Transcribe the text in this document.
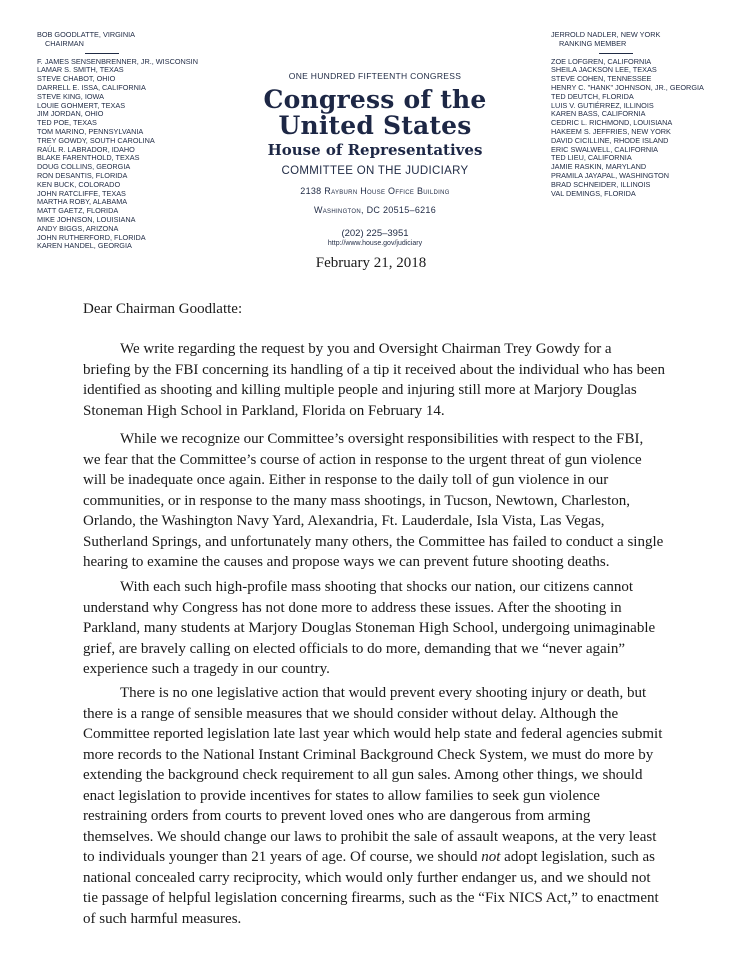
BOB GOODLATTE, VIRGINIA
CHAIRMAN
F. JAMES SENSENBRENNER, JR., WISCONSIN
LAMAR S. SMITH, TEXAS
STEVE CHABOT, OHIO
DARRELL E. ISSA, CALIFORNIA
STEVE KING, IOWA
LOUIE GOHMERT, TEXAS
JIM JORDAN, OHIO
TED POE, TEXAS
TOM MARINO, PENNSYLVANIA
TREY GOWDY, SOUTH CAROLINA
RAÚL R. LABRADOR, IDAHO
BLAKE FARENTHOLD, TEXAS
DOUG COLLINS, GEORGIA
RON DESANTIS, FLORIDA
KEN BUCK, COLORADO
JOHN RATCLIFFE, TEXAS
MARTHA ROBY, ALABAMA
MATT GAETZ, FLORIDA
MIKE JOHNSON, LOUISIANA
ANDY BIGGS, ARIZONA
JOHN RUTHERFORD, FLORIDA
KAREN HANDEL, GEORGIA
ONE HUNDRED FIFTEENTH CONGRESS
Congress of the United States
House of Representatives
COMMITTEE ON THE JUDICIARY
2138 Rayburn House Office Building
Washington, DC 20515–6216
(202) 225–3951
http://www.house.gov/judiciary
JERROLD NADLER, NEW YORK
RANKING MEMBER
ZOE LOFGREN, CALIFORNIA
SHEILA JACKSON LEE, TEXAS
STEVE COHEN, TENNESSEE
HENRY C. "HANK" JOHNSON, JR., GEORGIA
TED DEUTCH, FLORIDA
LUIS V. GUTIÉRREZ, ILLINOIS
KAREN BASS, CALIFORNIA
CEDRIC L. RICHMOND, LOUISIANA
HAKEEM S. JEFFRIES, NEW YORK
DAVID CICILLINE, RHODE ISLAND
ERIC SWALWELL, CALIFORNIA
TED LIEU, CALIFORNIA
JAMIE RASKIN, MARYLAND
PRAMILA JAYAPAL, WASHINGTON
BRAD SCHNEIDER, ILLINOIS
VAL DEMINGS, FLORIDA
February 21, 2018
Dear Chairman Goodlatte:
We write regarding the request by you and Oversight Chairman Trey Gowdy for a
briefing by the FBI concerning its handling of a tip it received about the individual who has been
identified as shooting and killing multiple people and injuring still more at Marjory Douglas
Stoneman High School in Parkland, Florida on February 14.
While we recognize our Committee’s oversight responsibilities with respect to the FBI,
we fear that the Committee’s course of action in response to the urgent threat of gun violence
will be inadequate once again. Either in response to the daily toll of gun violence in our
communities, or in response to the many mass shootings, in Tucson, Newtown, Charleston,
Orlando, the Washington Navy Yard, Alexandria, Ft. Lauderdale, Isla Vista, Las Vegas,
Sutherland Springs, and unfortunately many others, the Committee has failed to conduct a single
hearing to examine the causes and propose ways we can prevent future shooting deaths.
With each such high-profile mass shooting that shocks our nation, our citizens cannot
understand why Congress has not done more to address these issues. After the shooting in
Parkland, many students at Marjory Douglas Stoneman High School, undergoing unimaginable
grief, are bravely calling on elected officials to do more, demanding that we “never again”
experience such a tragedy in our country.
There is no one legislative action that would prevent every shooting injury or death, but
there is a range of sensible measures that we should consider without delay. Although the
Committee reported legislation late last year which would help state and federal agencies submit
more records to the National Instant Criminal Background Check System, we must do more by
extending the background check requirement to all gun sales. Among other things, we should
enact legislation to provide incentives for states to allow families to seek gun violence
restraining orders from courts to prevent loved ones who are dangerous from arming
themselves. We should change our laws to prohibit the sale of assault weapons, at the very least
to individuals younger than 21 years of age. Of course, we should not adopt legislation, such as
national concealed carry reciprocity, which would only further endanger us, and we should not
tie passage of helpful legislation concerning firearms, such as the “Fix NICS Act,” to enactment
of such harmful measures.
